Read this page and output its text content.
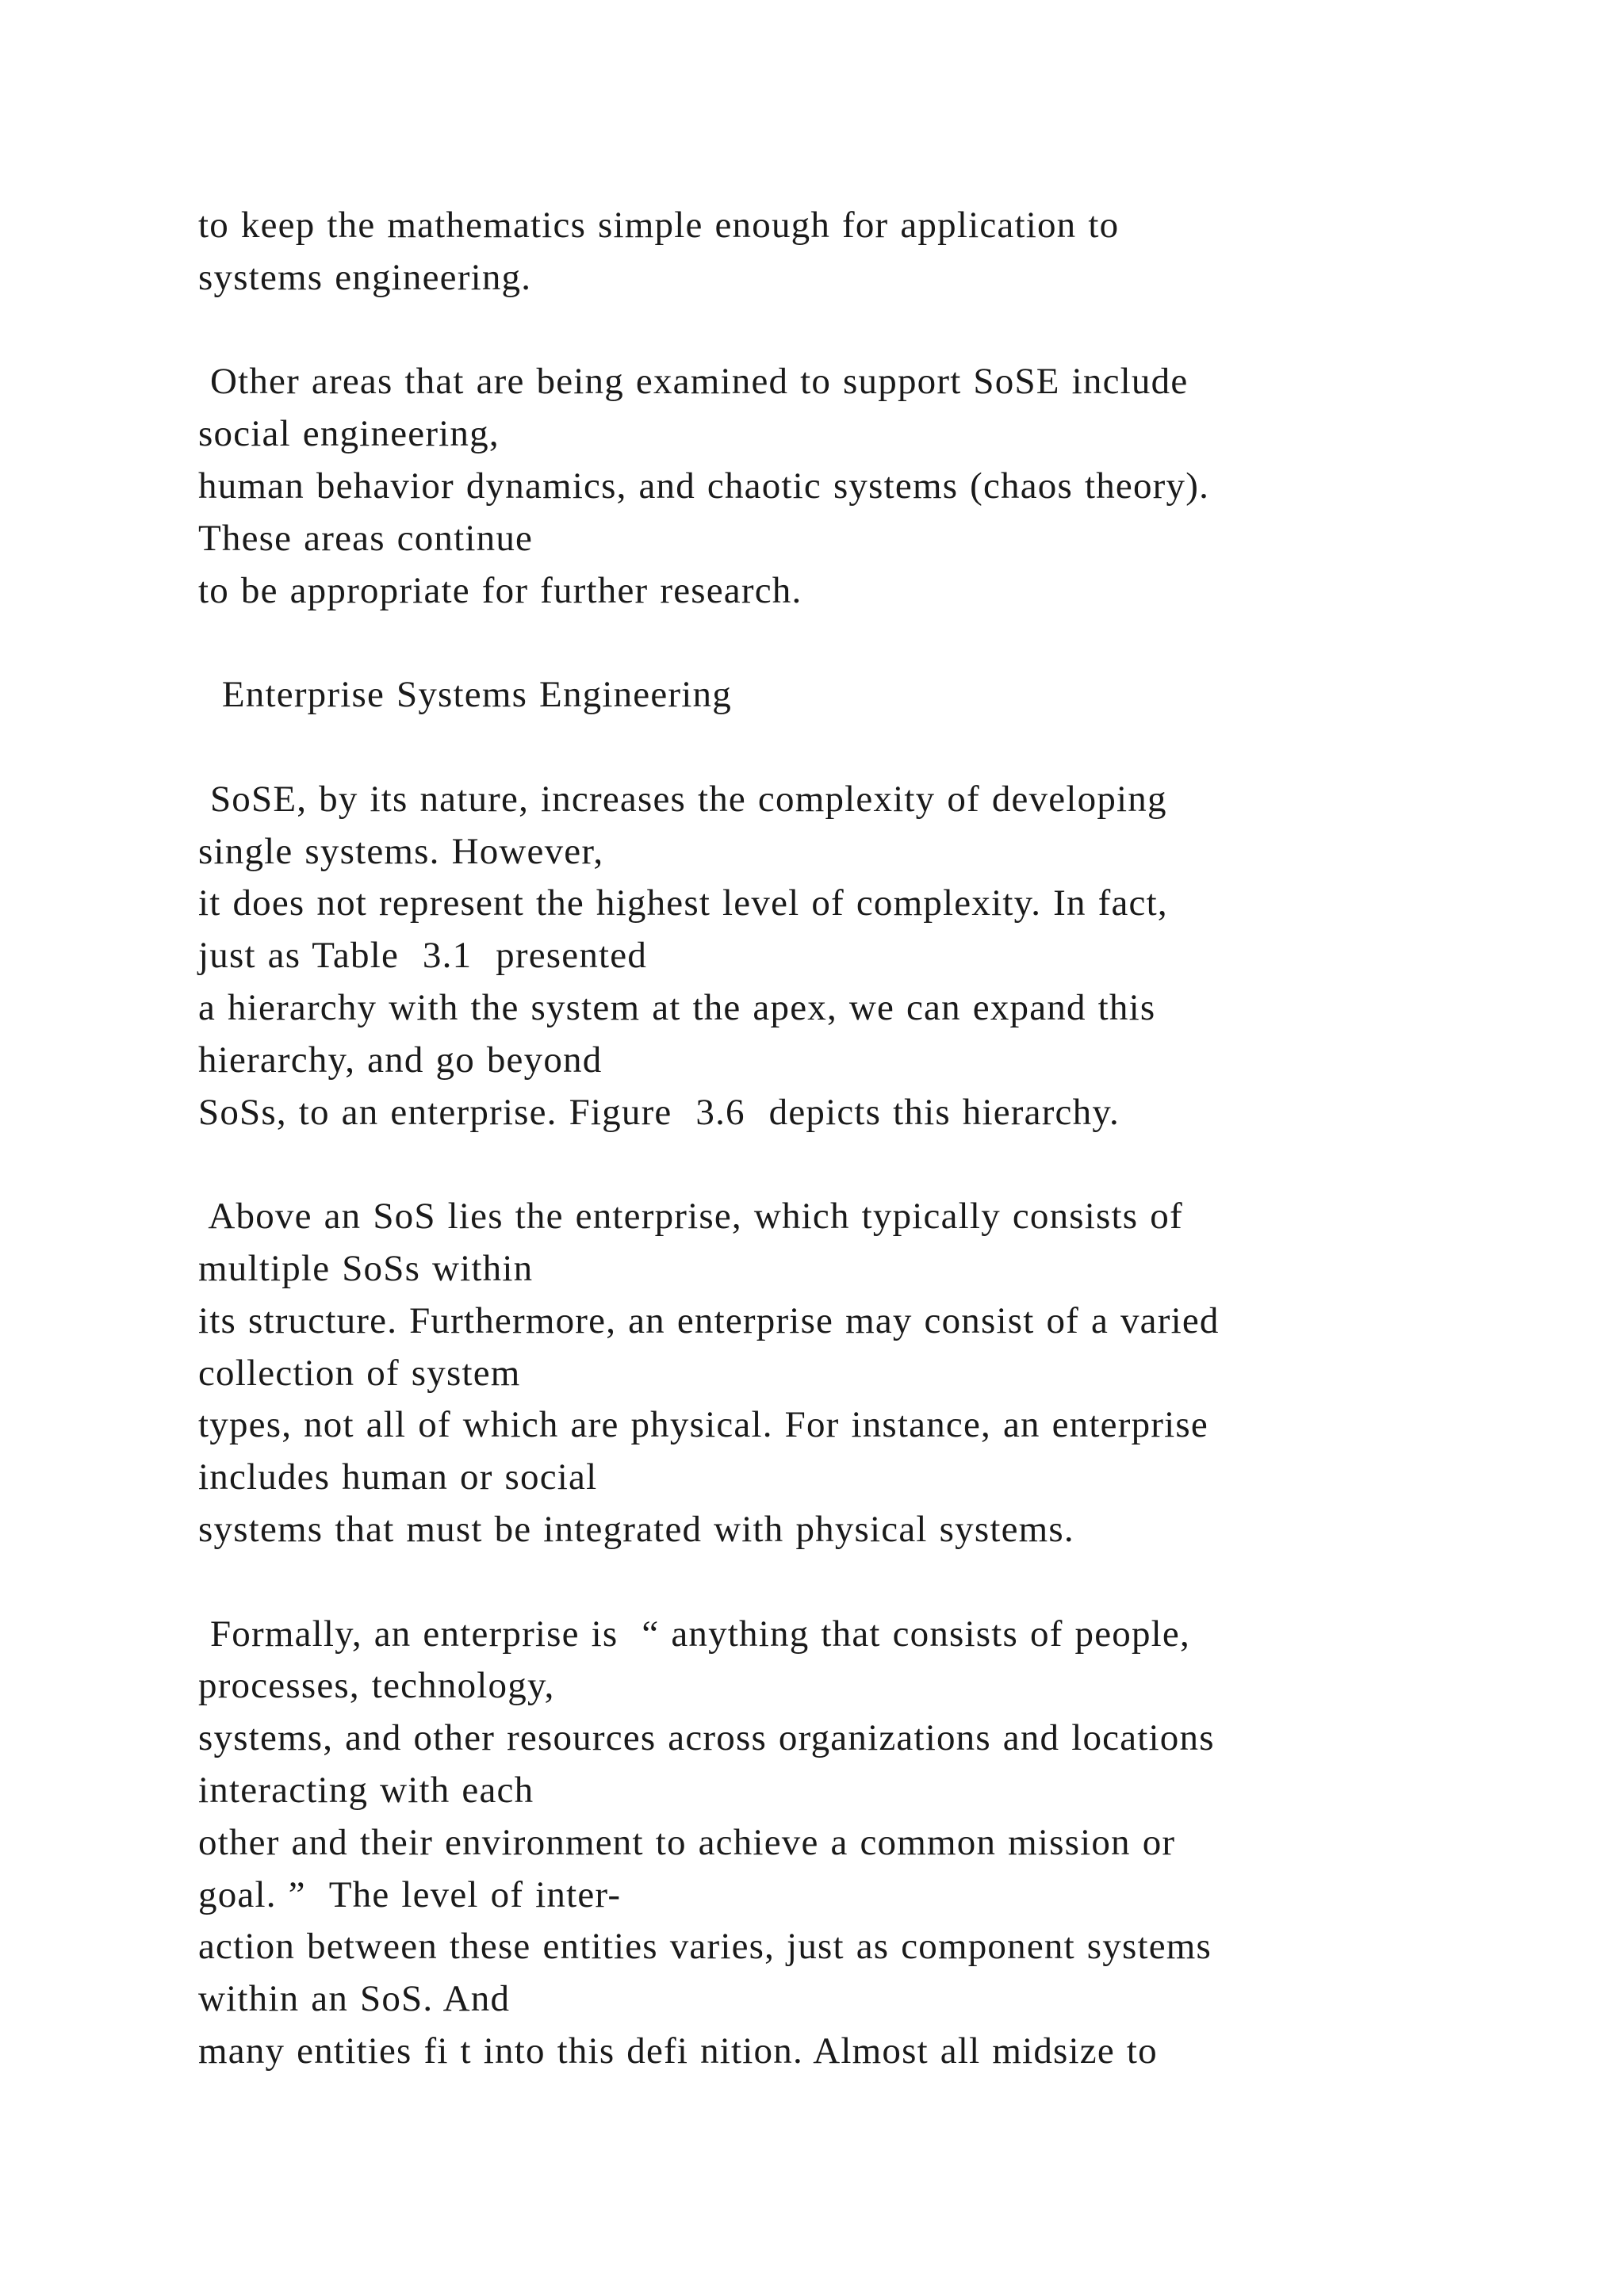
to keep the mathematics simple enough for application to
systems engineering.
Other areas that are being examined to support SoSE include
social engineering,
human behavior dynamics, and chaotic systems (chaos theory).
These areas continue
to be appropriate for further research.
Enterprise Systems Engineering
SoSE, by its nature, increases the complexity of developing
single systems. However,
it does not represent the highest level of complexity. In fact,
just as Table  3.1  presented
a hierarchy with the system at the apex, we can expand this
hierarchy, and go beyond
SoSs, to an enterprise. Figure  3.6  depicts this hierarchy.
Above an SoS lies the enterprise, which typically consists of
multiple SoSs within
its structure. Furthermore, an enterprise may consist of a varied
collection of system
types, not all of which are physical. For instance, an enterprise
includes human or social
systems that must be integrated with physical systems.
Formally, an enterprise is  “ anything that consists of people,
processes, technology,
systems, and other resources across organizations and locations
interacting with each
other and their environment to achieve a common mission or
goal. ”  The level of inter-
action between these entities varies, just as component systems
within an SoS. And
many entities fi t into this defi nition. Almost all midsize to
